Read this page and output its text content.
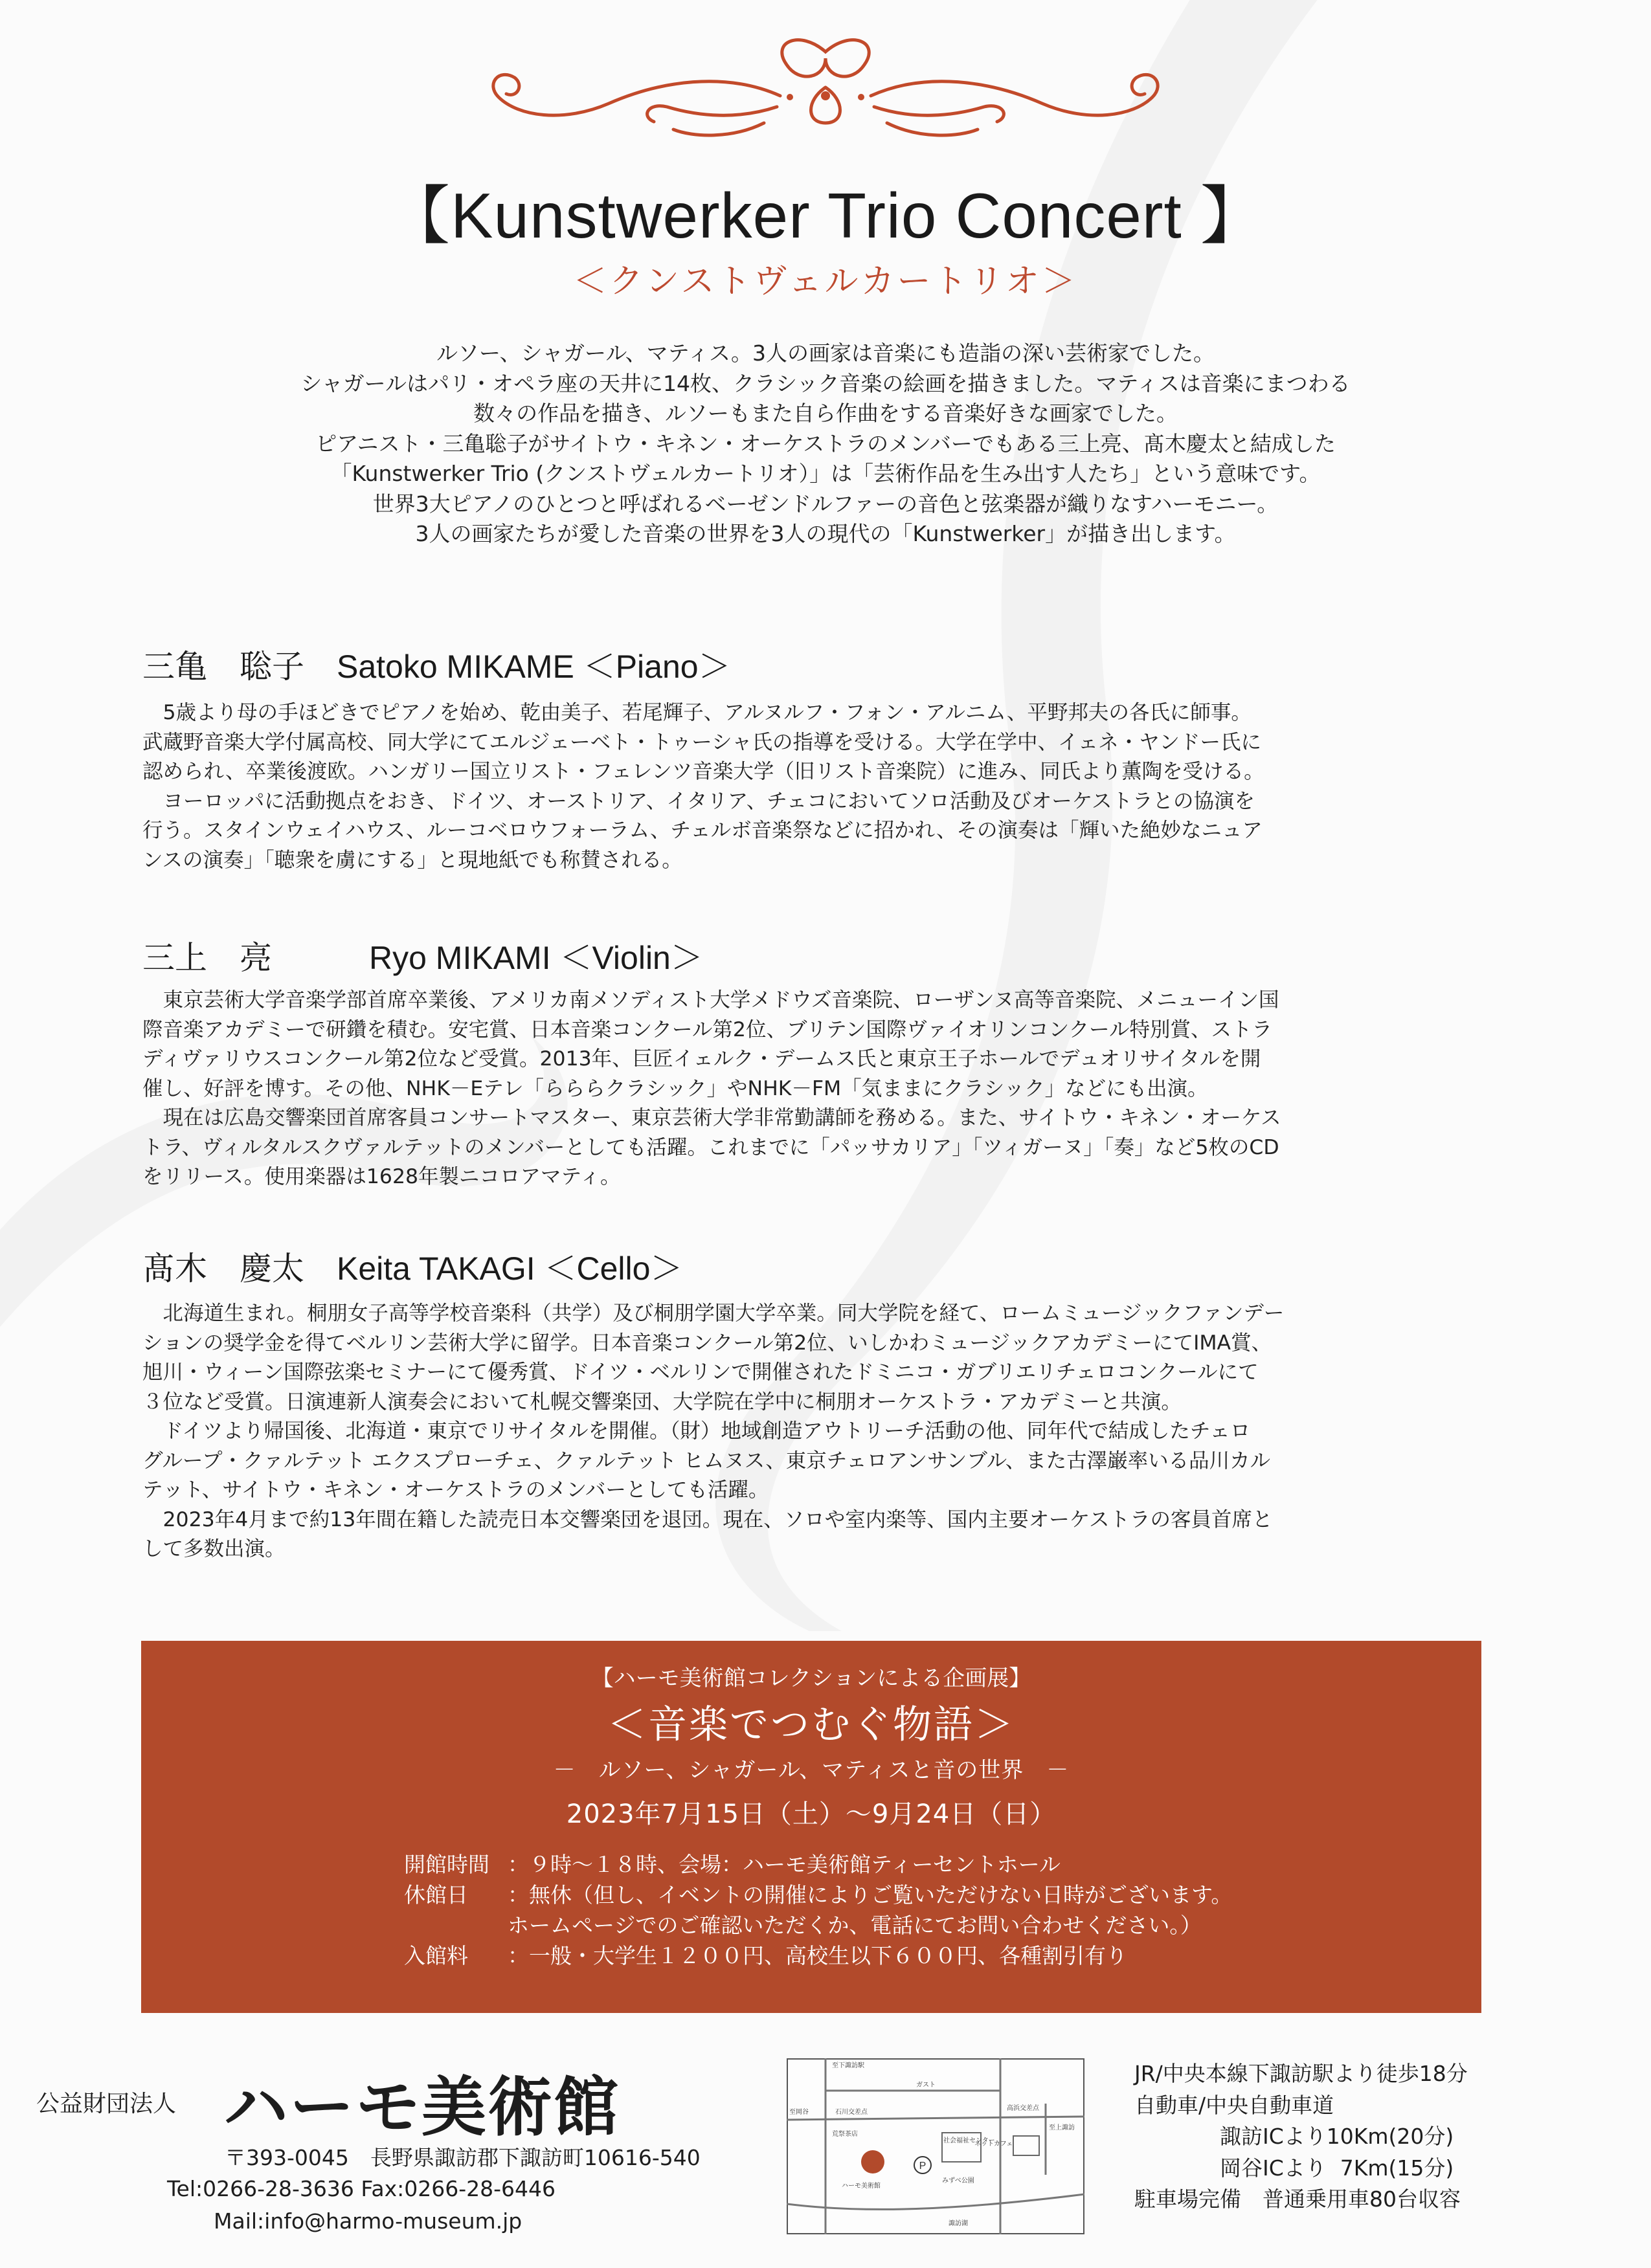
【Kunstwerker Trio Concert 】
＜クンストヴェルカートリオ＞
ルソー、シャガール、マティス。3人の画家は音楽にも造詣の深い芸術家でした。
シャガールはパリ・オペラ座の天井に14枚、クラシック音楽の絵画を描きました。マティスは音楽にまつわる
数々の作品を描き、ルソーもまた自ら作曲をする音楽好きな画家でした。
ピアニスト・三亀聡子がサイトウ・キネン・オーケストラのメンバーでもある三上亮、髙木慶太と結成した
「Kunstwerker Trio (クンストヴェルカートリオ）」は「芸術作品を生み出す人たち」という意味です。
世界3大ピアノのひとつと呼ばれるベーゼンドルファーの音色と弦楽器が織りなすハーモニー。
3人の画家たちが愛した音楽の世界を3人の現代の「Kunstwerker」が描き出します。
三亀　聡子　Satoko MIKAME ＜Piano＞
　5歳より母の手ほどきでピアノを始め、乾由美子、若尾輝子、アルヌルフ・フォン・アルニム、平野邦夫の各氏に師事。
武蔵野音楽大学付属高校、同大学にてエルジェーベト・トゥーシャ氏の指導を受ける。大学在学中、イェネ・ヤンドー氏に
認められ、卒業後渡欧。ハンガリー国立リスト・フェレンツ音楽大学（旧リスト音楽院）に進み、同氏より薫陶を受ける。
　ヨーロッパに活動拠点をおき、ドイツ、オーストリア、イタリア、チェコにおいてソロ活動及びオーケストラとの協演を
行う。スタインウェイハウス、ルーコベロウフォーラム、チェルボ音楽祭などに招かれ、その演奏は「輝いた絶妙なニュア
ンスの演奏」「聴衆を虜にする」と現地紙でも称賛される。
三上　亮　　　Ryo MIKAMI ＜Violin＞
　東京芸術大学音楽学部首席卒業後、アメリカ南メソディスト大学メドウズ音楽院、ローザンヌ高等音楽院、メニューイン国
際音楽アカデミーで研鑽を積む。安宅賞、日本音楽コンクール第2位、ブリテン国際ヴァイオリンコンクール特別賞、ストラ
ディヴァリウスコンクール第2位など受賞。2013年、巨匠イェルク・デームス氏と東京王子ホールでデュオリサイタルを開
催し、好評を博す。その他、NHK－Eテレ「らららクラシック」やNHK－FM「気ままにクラシック」などにも出演。
　現在は広島交響楽団首席客員コンサートマスター、東京芸術大学非常勤講師を務める。また、サイトウ・キネン・オーケス
トラ、ヴィルタルスクヴァルテットのメンバーとしても活躍。これまでに「パッサカリア」「ツィガーヌ」「奏」など5枚のCD
をリリース。使用楽器は1628年製ニコロアマティ。
髙木　慶太　Keita TAKAGI ＜Cello＞
　北海道生まれ。桐朋女子高等学校音楽科（共学）及び桐朋学園大学卒業。同大学院を経て、ロームミュージックファンデー
ションの奨学金を得てベルリン芸術大学に留学。日本音楽コンクール第2位、いしかわミュージックアカデミーにてIMA賞、
旭川・ウィーン国際弦楽セミナーにて優秀賞、ドイツ・ベルリンで開催されたドミニコ・ガブリエリチェロコンクールにて
３位など受賞。日演連新人演奏会において札幌交響楽団、大学院在学中に桐朋オーケストラ・アカデミーと共演。
　ドイツより帰国後、北海道・東京でリサイタルを開催。（財）地域創造アウトリーチ活動の他、同年代で結成したチェロ
グループ・クァルテット エクスプローチェ、クァルテット ヒムヌス、東京チェロアンサンブル、また古澤巌率いる品川カル
テット、サイトウ・キネン・オーケストラのメンバーとしても活躍。
　2023年4月まで約13年間在籍した読売日本交響楽団を退団。現在、ソロや室内楽等、国内主要オーケストラの客員首席と
して多数出演。
【ハーモ美術館コレクションによる企画展】
＜音楽でつむぐ物語＞
－　ルソー、シャガール、マティスと音の世界　－
2023年7月15日（土）～9月24日（日）
開館時間 ：９時～１８時、会場：ハーモ美術館ティーセントホール
休館日 ：無休（但し、イベントの開催によりご覧いただけない日時がございます。
ホームページでのご確認いただくか、電話にてお問い合わせください。）
入館料 ：一般・大学生１２００円、高校生以下６００円、各種割引有り
公益財団法人 ハーモ美術館
〒393-0045　長野県諏訪郡下諏訪町10616-540
Tel:0266-28-3636 Fax:0266-28-6446
Mail:info@harmo-museum.jp
P
至下諏訪駅
ガスト
至岡谷	石川交差点
高浜交差点
至上諏訪
荒祭茶店
社会福祉センター
ネットカフェ
ハーモ美術館
みずべ公園
諏訪湖
JR/中央本線下諏訪駅より徒歩18分
自動車/中央自動車道
　　　　諏訪ICより10Km(20分)
　　　　岡谷ICより  7Km(15分)
駐車場完備　普通乗用車80台収容
